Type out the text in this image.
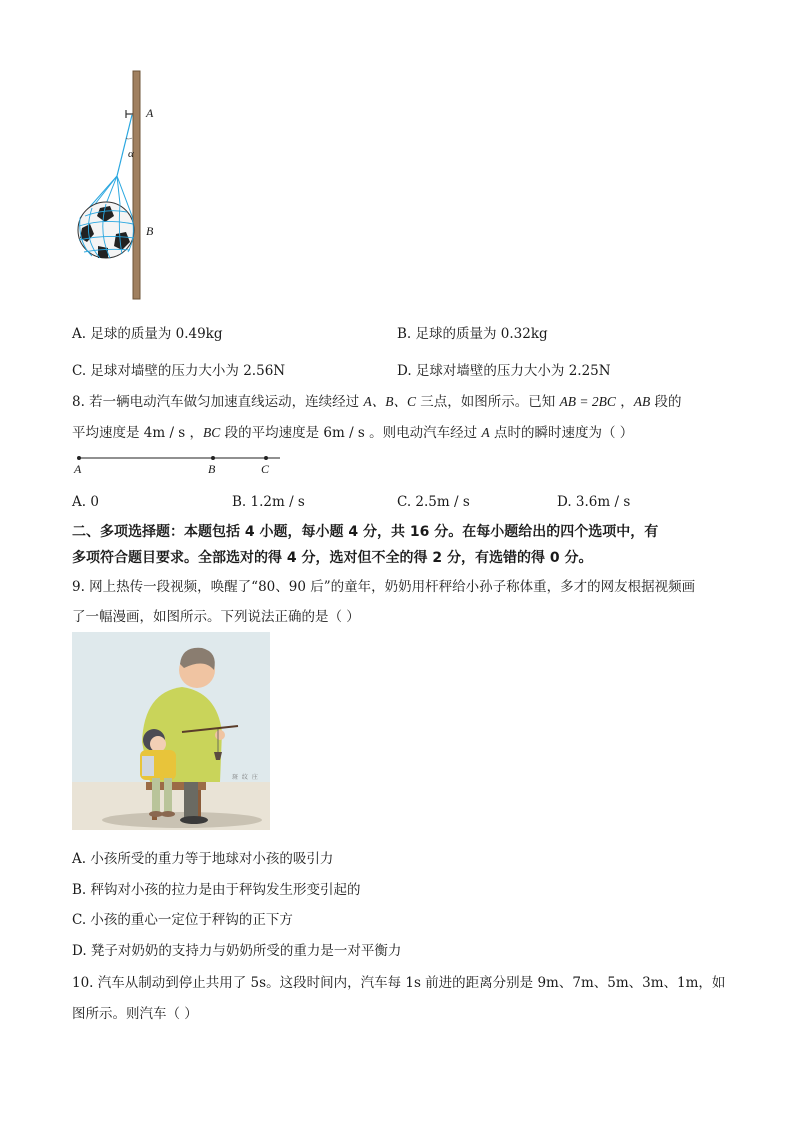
A
α
B
A. 足球的质量为 0.49kg	B. 足球的质量为 0.32kg
C. 足球对墙壁的压力大小为 2.56N	D. 足球对墙壁的压力大小为 2.25N
8. 若一辆电动汽车做匀加速直线运动，连续经过 A、B、C 三点，如图所示。已知 AB = 2BC ，AB 段的
平均速度是 4m / s ，BC 段的平均速度是 6m / s 。则电动汽车经过 A 点时的瞬时速度为（ ）
A	B	C
A. 0	B. 1.2m / s	C. 2.5m / s	D. 3.6m / s
二、多项选择题：本题包括 4 小题，每小题 4 分，共 16 分。在每小题给出的四个选项中，有
多项符合题目要求。全部选对的得 4 分，选对但不全的得 2 分，有选错的得 0 分。
9. 网上热传一段视频，唤醒了“80、90 后”的童年，奶奶用杆秤给小孙子称体重，多才的网友根据视频画
了一幅漫画，如图所示。下列说法正确的是（ ）
斑 纹 庄
A. 小孩所受的重力等于地球对小孩的吸引力
B. 秤钩对小孩的拉力是由于秤钩发生形变引起的
C. 小孩的重心一定位于秤钩的正下方
D. 凳子对奶奶的支持力与奶奶所受的重力是一对平衡力
10. 汽车从制动到停止共用了 5s。这段时间内，汽车每 1s 前进的距离分别是 9m、7m、5m、3m、1m，如
图所示。则汽车（ ）
